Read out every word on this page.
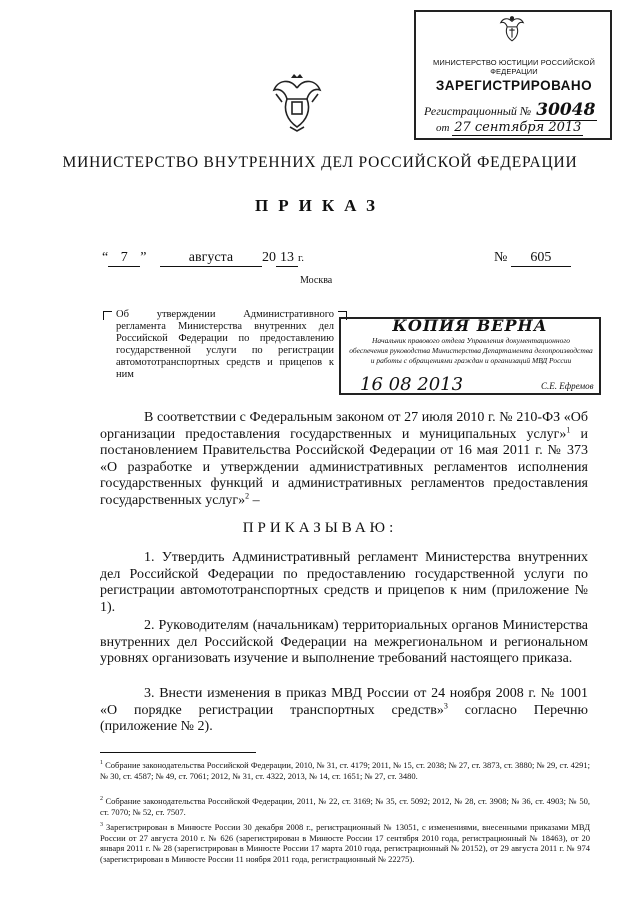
МИНИСТЕРСТВО ЮСТИЦИИ РОССИЙСКОЙ ФЕДЕРАЦИИ
ЗАРЕГИСТРИРОВАНО
Регистрационный № 30048
от 27 сентября 2013
МИНИСТЕРСТВО ВНУТРЕННИХ ДЕЛ РОССИЙСКОЙ ФЕДЕРАЦИИ
ПРИКАЗ
“ 7 ”	августа 20 13 г.	№ 605
Москва
Об утверждении Административного регламента Министерства внутренних дел Российской Федерации по предоставлению государственной услуги по регистрации автомототранспортных средств и прицепов к ним
КОПИЯ ВЕРНА
Начальник правового отдела Управления документационного
обеспечения руководства Министерства Департамента делопроизводства
и работы с обращениями граждан и организаций МВД России
16 08 2013	С.Е. Ефремов
В соответствии с Федеральным законом от 27 июля 2010 г. № 210-ФЗ «Об организации предоставления государственных и муниципальных услуг»$^1$ и постановлением Правительства Российской Федерации от 16 мая 2011 г. № 373 «О разработке и утверждении административных регламентов исполнения государственных функций и административных регламентов предоставления государственных услуг»$^2$ –
ПРИКАЗЫВАЮ:
1. Утвердить Административный регламент Министерства внутренних дел Российской Федерации по предоставлению государственной услуги по регистрации автомототранспортных средств и прицепов к ним (приложение № 1).
2. Руководителям (начальникам) территориальных органов Министерства внутренних дел Российской Федерации на межрегиональном и региональном уровнях организовать изучение и выполнение требований настоящего приказа.
3. Внести изменения в приказ МВД России от 24 ноября 2008 г. № 1001 «О порядке регистрации транспортных средств»$^3$ согласно Перечню (приложение № 2).
$^1$ Собрание законодательства Российской Федерации, 2010, № 31, ст. 4179; 2011, № 15, ст. 2038; № 27, ст. 3873, ст. 3880; № 29, ст. 4291; № 30, ст. 4587; № 49, ст. 7061; 2012, № 31, ст. 4322, 2013, № 14, ст. 1651; № 27, ст. 3480.
$^2$ Собрание законодательства Российской Федерации, 2011, № 22, ст. 3169; № 35, ст. 5092; 2012, № 28, ст. 3908; № 36, ст. 4903; № 50, ст. 7070; № 52, ст. 7507.
$^3$ Зарегистрирован в Минюсте России 30 декабря 2008 г., регистрационный № 13051, с изменениями, внесенными приказами МВД России от 27 августа 2010 г. № 626 (зарегистрирован в Минюсте России 17 сентября 2010 года, регистрационный № 18463), от 20 января 2011 г. № 28 (зарегистрирован в Минюсте России 17 марта 2010 года, регистрационный № 20152), от 29 августа 2011 г. № 974 (зарегистрирован в Минюсте России 11 ноября 2011 года, регистрационный № 22275).
